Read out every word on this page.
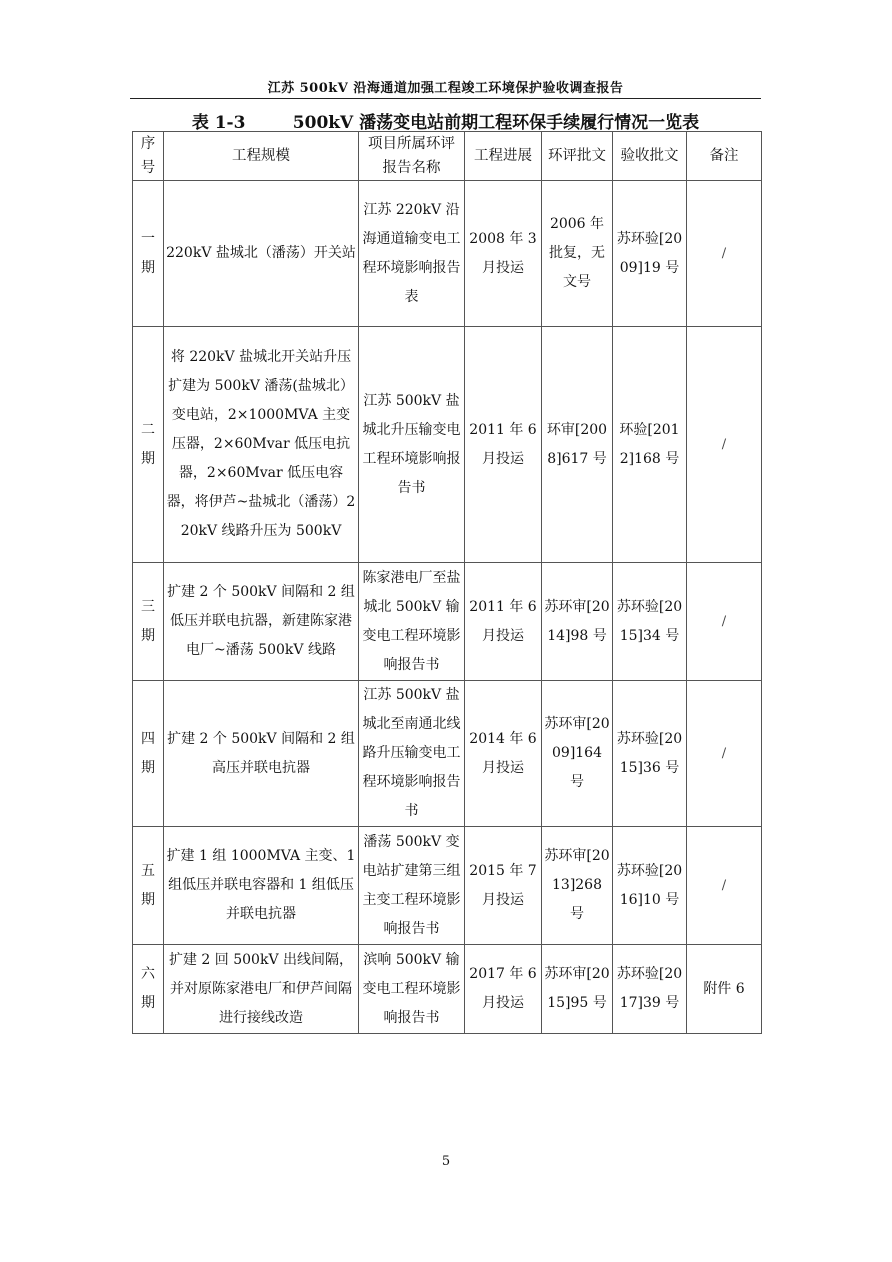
江苏 500kV 沿海通道加强工程竣工环境保护验收调查报告
表 1-3        500kV 潘荡变电站前期工程环保手续履行情况一览表
序号	工程规模	项目所属环评报告名称	工程进展	环评批文	验收批文	备注
一期	220kV 盐城北（潘荡）开关站	江苏 220kV 沿海通道输变电工程环境影响报告表	2008 年 3 月投运	2006 年批复，无文号	苏环验[2009]19 号	/
二期	将 220kV 盐城北开关站升压扩建为 500kV 潘荡(盐城北）变电站，2×1000MVA 主变压器，2×60Mvar 低压电抗器，2×60Mvar 低压电容器，将伊芦~盐城北（潘荡）220kV 线路升压为 500kV	江苏 500kV 盐城北升压输变电工程环境影响报告书	2011 年 6 月投运	环审[2008]617 号	环验[2012]168 号	/
三期	扩建 2 个 500kV 间隔和 2 组低压并联电抗器，新建陈家港电厂~潘荡 500kV 线路	陈家港电厂至盐城北 500kV 输变电工程环境影响报告书	2011 年 6 月投运	苏环审[2014]98 号	苏环验[2015]34 号	/
四期	扩建 2 个 500kV 间隔和 2 组高压并联电抗器	江苏 500kV 盐城北至南通北线路升压输变电工程环境影响报告书	2014 年 6 月投运	苏环审[2009]164 号	苏环验[2015]36 号	/
五期	扩建 1 组 1000MVA 主变、1 组低压并联电容器和 1 组低压并联电抗器	潘荡 500kV 变电站扩建第三组主变工程环境影响报告书	2015 年 7 月投运	苏环审[2013]268 号	苏环验[2016]10 号	/
六期	扩建 2 回 500kV 出线间隔，并对原陈家港电厂和伊芦间隔进行接线改造	滨响 500kV 输变电工程环境影响报告书	2017 年 6 月投运	苏环审[2015]95 号	苏环验[2017]39 号	附件 6
5
